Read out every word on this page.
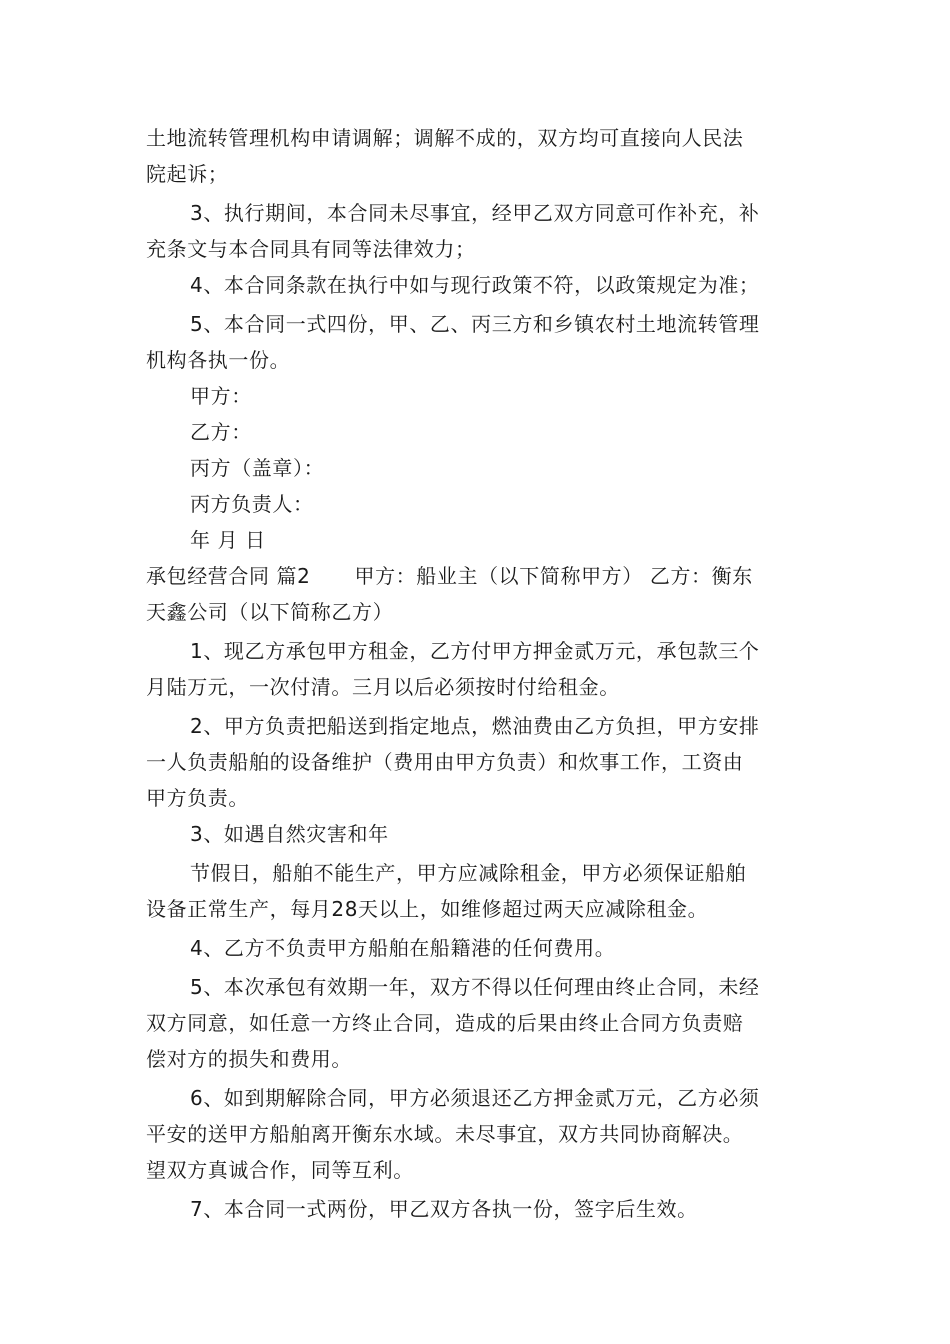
土地流转管理机构申请调解；调解不成的，双方均可直接向人民法
院起诉；
3、执行期间，本合同未尽事宜，经甲乙双方同意可作补充，补
充条文与本合同具有同等法律效力；
4、本合同条款在执行中如与现行政策不符，以政策规定为准；
5、本合同一式四份，甲、乙、丙三方和乡镇农村土地流转管理
机构各执一份。
甲方：
乙方：
丙方（盖章）：
丙方负责人：
年 月 日
承包经营合同 篇2 甲方：船业主（以下简称甲方） 乙方：衡东
天鑫公司（以下简称乙方）
1、现乙方承包甲方租金，乙方付甲方押金贰万元，承包款三个
月陆万元，一次付清。三月以后必须按时付给租金。
2、甲方负责把船送到指定地点，燃油费由乙方负担，甲方安排
一人负责船舶的设备维护（费用由甲方负责）和炊事工作，工资由
甲方负责。
3、如遇自然灾害和年
节假日，船舶不能生产，甲方应减除租金，甲方必须保证船舶
设备正常生产，每月28天以上，如维修超过两天应减除租金。
4、乙方不负责甲方船舶在船籍港的任何费用。
5、本次承包有效期一年，双方不得以任何理由终止合同，未经
双方同意，如任意一方终止合同，造成的后果由终止合同方负责赔
偿对方的损失和费用。
6、如到期解除合同，甲方必须退还乙方押金贰万元，乙方必须
平安的送甲方船舶离开衡东水域。未尽事宜，双方共同协商解决。
望双方真诚合作，同等互利。
7、本合同一式两份，甲乙双方各执一份，签字后生效。
